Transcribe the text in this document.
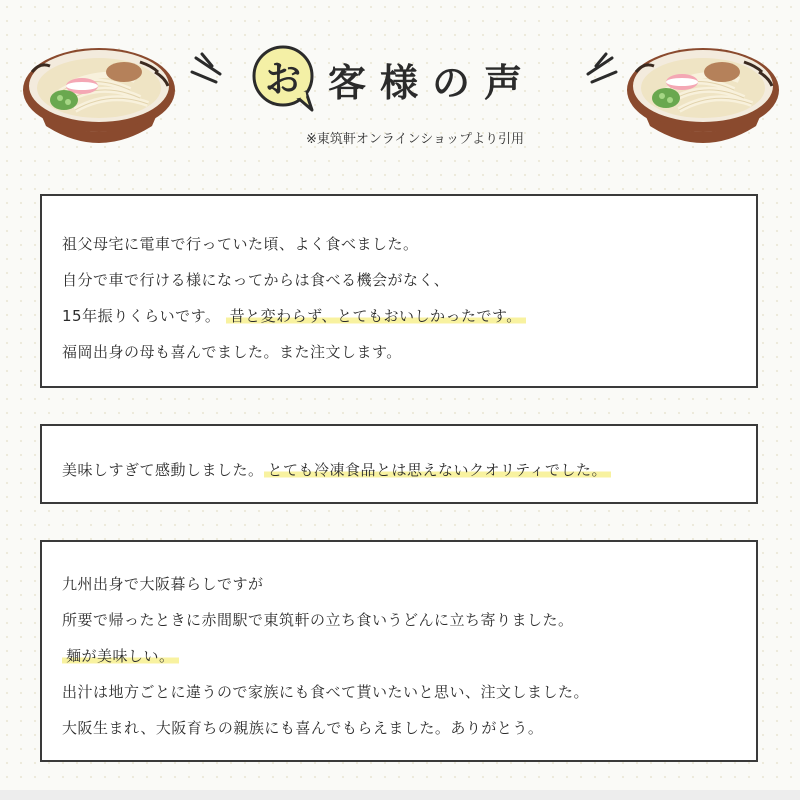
お 客様の声
※東筑軒オンラインショップより引用
祖父母宅に電車で行っていた頃、よく食べました。
自分で車で行ける様になってからは食べる機会がなく、
15年振りくらいです。 昔と変わらず、とてもおいしかったです。
福岡出身の母も喜んでました。また注文します。
美味しすぎて感動しました。 とても冷凍食品とは思えないクオリティでした。
九州出身で大阪暮らしですが
所要で帰ったときに赤間駅で東筑軒の立ち食いうどんに立ち寄りました。
麺が美味しい。
出汁は地方ごとに違うので家族にも食べて貰いたいと思い、注文しました。
大阪生まれ、大阪育ちの親族にも喜んでもらえました。ありがとう。
